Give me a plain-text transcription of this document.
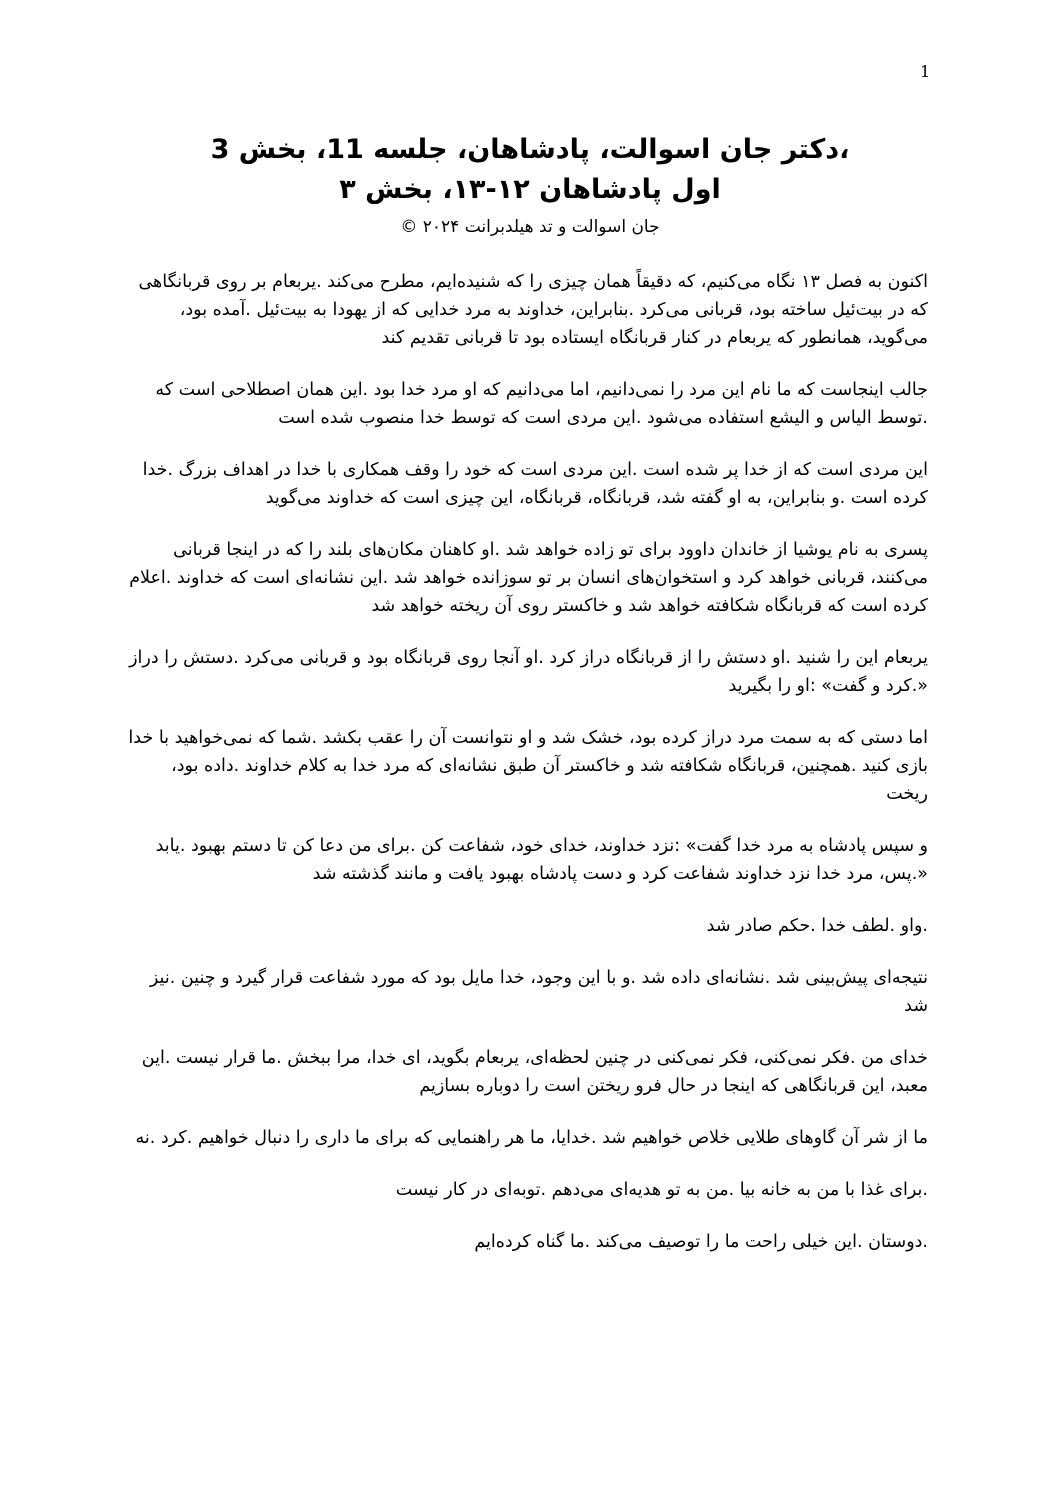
1
،دکتر جان اسوالت، پادشاهان، جلسه 11، بخش 3
اول پادشاهان ۱۲-۱۳، بخش ۳
جان اسوالت و تد هیلدبرانت ۲۰۲۴ ©

اکنون به فصل ۱۳ نگاه می‌کنیم، که دقیقاً همان چیزی را که شنیده‌ایم، مطرح می‌کند .یربعام بر روی قربانگاهی که در بیت‌ئیل ساخته بود، قربانی می‌کرد .بنابراین، خداوند به مرد خدایی که از یهودا به بیت‌ئیل .آمده بود، می‌گوید، همانطور که یربعام در کنار قربانگاه ایستاده بود تا قربانی تقدیم کند

جالب اینجاست که ما نام این مرد را نمی‌دانیم، اما می‌دانیم که او مرد خدا بود .این همان اصطلاحی است که .توسط الیاس و الیشع استفاده می‌شود .این مردی است که توسط خدا منصوب شده است

این مردی است که از خدا پر شده است .این مردی است که خود را وقف همکاری با خدا در اهداف بزرگ .خدا کرده است .و بنابراین، به او گفته شد، قربانگاه، قربانگاه، این چیزی است که خداوند می‌گوید

پسری به نام یوشیا از خاندان داوود برای تو زاده خواهد شد .او کاهنان مکان‌های بلند را که در اینجا قربانی می‌کنند، قربانی خواهد کرد و استخوان‌های انسان بر تو سوزانده خواهد شد .این نشانه‌ای است که خداوند .اعلام کرده است که قربانگاه شکافته خواهد شد و خاکستر روی آن ریخته خواهد شد

یربعام این را شنید .او دستش را از قربانگاه دراز کرد .او آنجا روی قربانگاه بود و قربانی می‌کرد .دستش را دراز «.کرد و گفت» :او را بگیرید

اما دستی که به سمت مرد دراز کرده بود، خشک شد و او نتوانست آن را عقب بکشد .شما که نمی‌خواهید با خدا بازی کنید .همچنین، قربانگاه شکافته شد و خاکستر آن طبق نشانه‌ای که مرد خدا به کلام خداوند .داده بود، ریخت

و سپس پادشاه به مرد خدا گفت» :نزد خداوند، خدای خود، شفاعت کن .برای من دعا کن تا دستم بهبود .یابد «.پس، مرد خدا نزد خداوند شفاعت کرد و دست پادشاه بهبود یافت و مانند گذشته شد

.واو .لطف خدا .حکم صادر شد

نتیجه‌ای پیش‌بینی شد .نشانه‌ای داده شد .و با این وجود، خدا مایل بود که مورد شفاعت قرار گیرد و چنین .نیز شد

خدای من .فکر نمی‌کنی، فکر نمی‌کنی در چنین لحظه‌ای، یربعام بگوید، ای خدا، مرا ببخش .ما قرار نیست .این معبد، این قربانگاهی که اینجا در حال فرو ریختن است را دوباره بسازیم

ما از شر آن گاوهای طلایی خلاص خواهیم شد .خدایا، ما هر راهنمایی که برای ما داری را دنبال خواهیم .کرد .نه

.برای غذا با من به خانه بیا .من به تو هدیه‌ای می‌دهم .توبه‌ای در کار نیست

.دوستان .این خیلی راحت ما را توصیف می‌کند .ما گناه کرده‌ایم
